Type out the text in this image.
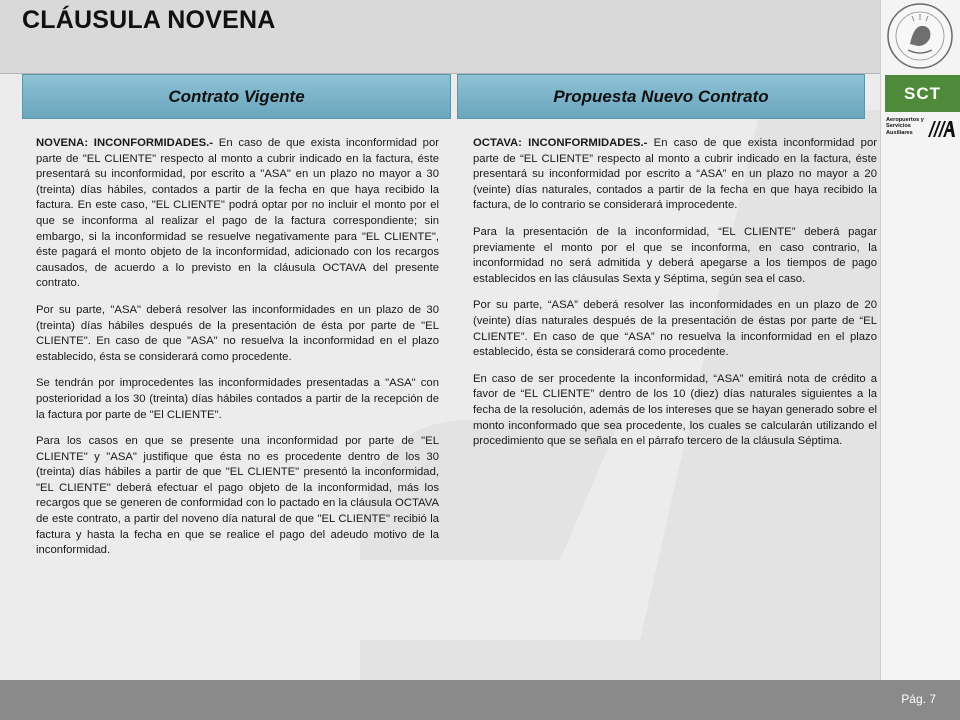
CLÁUSULA NOVENA
SCT
Aeropuertos y
Servicios
Auxiliares
Contrato Vigente	Propuesta Nuevo Contrato

NOVENA: INCONFORMIDADES.- En caso de que exista inconformidad por parte de "EL CLIENTE" respecto al monto a cubrir indicado en la factura, éste presentará su inconformidad, por escrito a "ASA" en un plazo no mayor a 30 (treinta) días hábiles, contados a partir de la fecha en que haya recibido la factura. En este caso, "EL CLIENTE" podrá optar por no incluir el monto por el que se inconforma al realizar el pago de la factura correspondiente; sin embargo, si la inconformidad se resuelve negativamente para "EL CLIENTE", éste pagará el monto objeto de la inconformidad, adicionado con los recargos causados, de acuerdo a lo previsto en la cláusula OCTAVA del presente contrato.

Por su parte, "ASA" deberá resolver las inconformidades en un plazo de 30 (treinta) días hábiles después de la presentación de ésta por parte de "EL CLIENTE". En caso de que "ASA" no resuelva la inconformidad en el plazo establecido, ésta se considerará como procedente.

Se tendrán por improcedentes las inconformidades presentadas a "ASA" con posterioridad a los 30 (treinta) días hábiles contados a partir de la recepción de la factura por parte de "El CLIENTE".

Para los casos en que se presente una inconformidad por parte de "EL CLIENTE" y "ASA" justifique que ésta no es procedente dentro de los 30 (treinta) días hábiles a partir de que "EL CLIENTE" presentó la inconformidad, "EL CLIENTE" deberá efectuar el pago objeto de la inconformidad, más los recargos que se generen de conformidad con lo pactado en la cláusula OCTAVA de este contrato, a partir del noveno día natural de que "EL CLIENTE" recibió la factura y hasta la fecha en que se realice el pago del adeudo motivo de la inconformidad.

OCTAVA: INCONFORMIDADES.- En caso de que exista inconformidad por parte de “EL CLIENTE” respecto al monto a cubrir indicado en la factura, éste presentará su inconformidad por escrito a “ASA” en un plazo no mayor a 20 (veinte) días naturales, contados a partir de la fecha en que haya recibido la factura, de lo contrario se considerará improcedente.

Para la presentación de la inconformidad, “EL CLIENTE” deberá pagar previamente el monto por el que se inconforma, en caso contrario, la inconformidad no será admitida y deberá apegarse a los tiempos de pago establecidos en las cláusulas Sexta y Séptima, según sea el caso.

Por su parte, “ASA” deberá resolver las inconformidades en un plazo de 20 (veinte) días naturales después de la presentación de éstas por parte de “EL CLIENTE”. En caso de que “ASA” no resuelva la inconformidad en el plazo establecido, ésta se considerará como procedente.

En caso de ser procedente la inconformidad, “ASA” emitirá nota de crédito a favor de “EL CLIENTE” dentro de los 10 (diez) días naturales siguientes a la fecha de la resolución, además de los intereses que se hayan generado sobre el monto inconformado que sea procedente, los cuales se calcularán utilizando el procedimiento que se señala en el párrafo tercero de la cláusula Séptima.

Pág. 7
